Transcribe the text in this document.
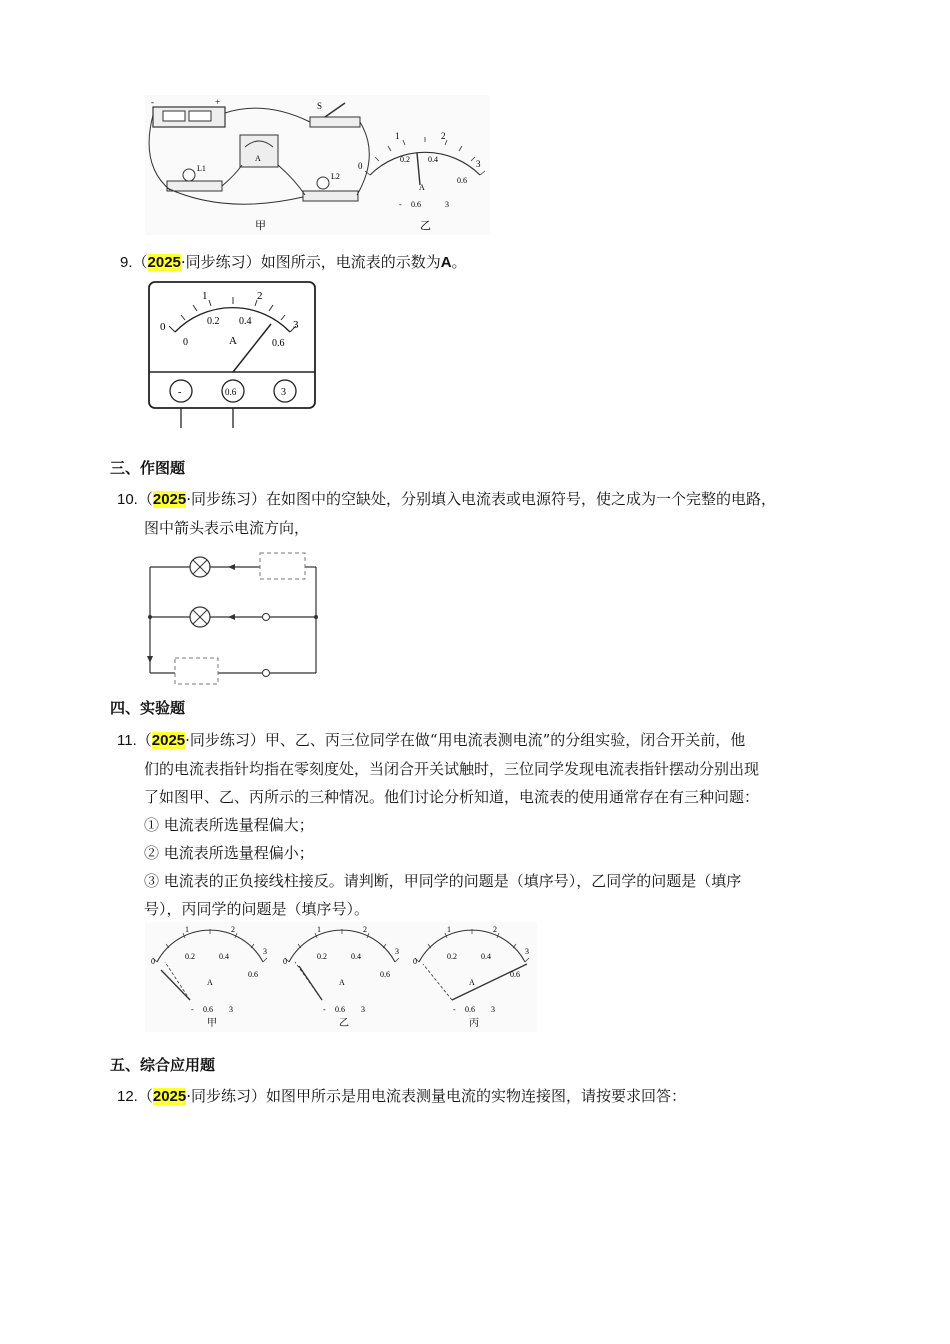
-	+	S
A
L1
L2
甲
0
1	2
3
0.2 0.4
0.6
A
- 0.6	3
乙
9.（2025·同步练习）如图所示，电流表的示数为A。
0
1	2
3
0
0.2 0.4
0.6
A
-	0.6	3
三、作图题
10.（2025·同步练习）在如图中的空缺处，分别填入电流表或电源符号，使之成为一个完整的电路，
图中箭头表示电流方向，
四、实验题
11.（2025·同步练习）甲、乙、丙三位同学在做“用电流表测电流”的分组实验，闭合开关前，他
们的电流表指针均指在零刻度处，当闭合开关试触时，三位同学发现电流表指针摆动分别出现
了如图甲、乙、丙所示的三种情况。他们讨论分析知道，电流表的使用通常存在有三种问题：
① 电流表所选量程偏大；
② 电流表所选量程偏小；
③ 电流表的正负接线柱接反。请判断，甲同学的问题是（填序号），乙同学的问题是（填序
号），丙同学的问题是（填序号）。
0
1	2
3
0.2	0.4
0.6
A
- 0.6 3
甲
0
1	2
3
0.2	0.4
0.6
A
- 0.6 3
乙
0
1	2
3
0.2	0.4
0.6
A
- 0.6 3
丙
五、综合应用题
12.（2025·同步练习）如图甲所示是用电流表测量电流的实物连接图，请按要求回答：
